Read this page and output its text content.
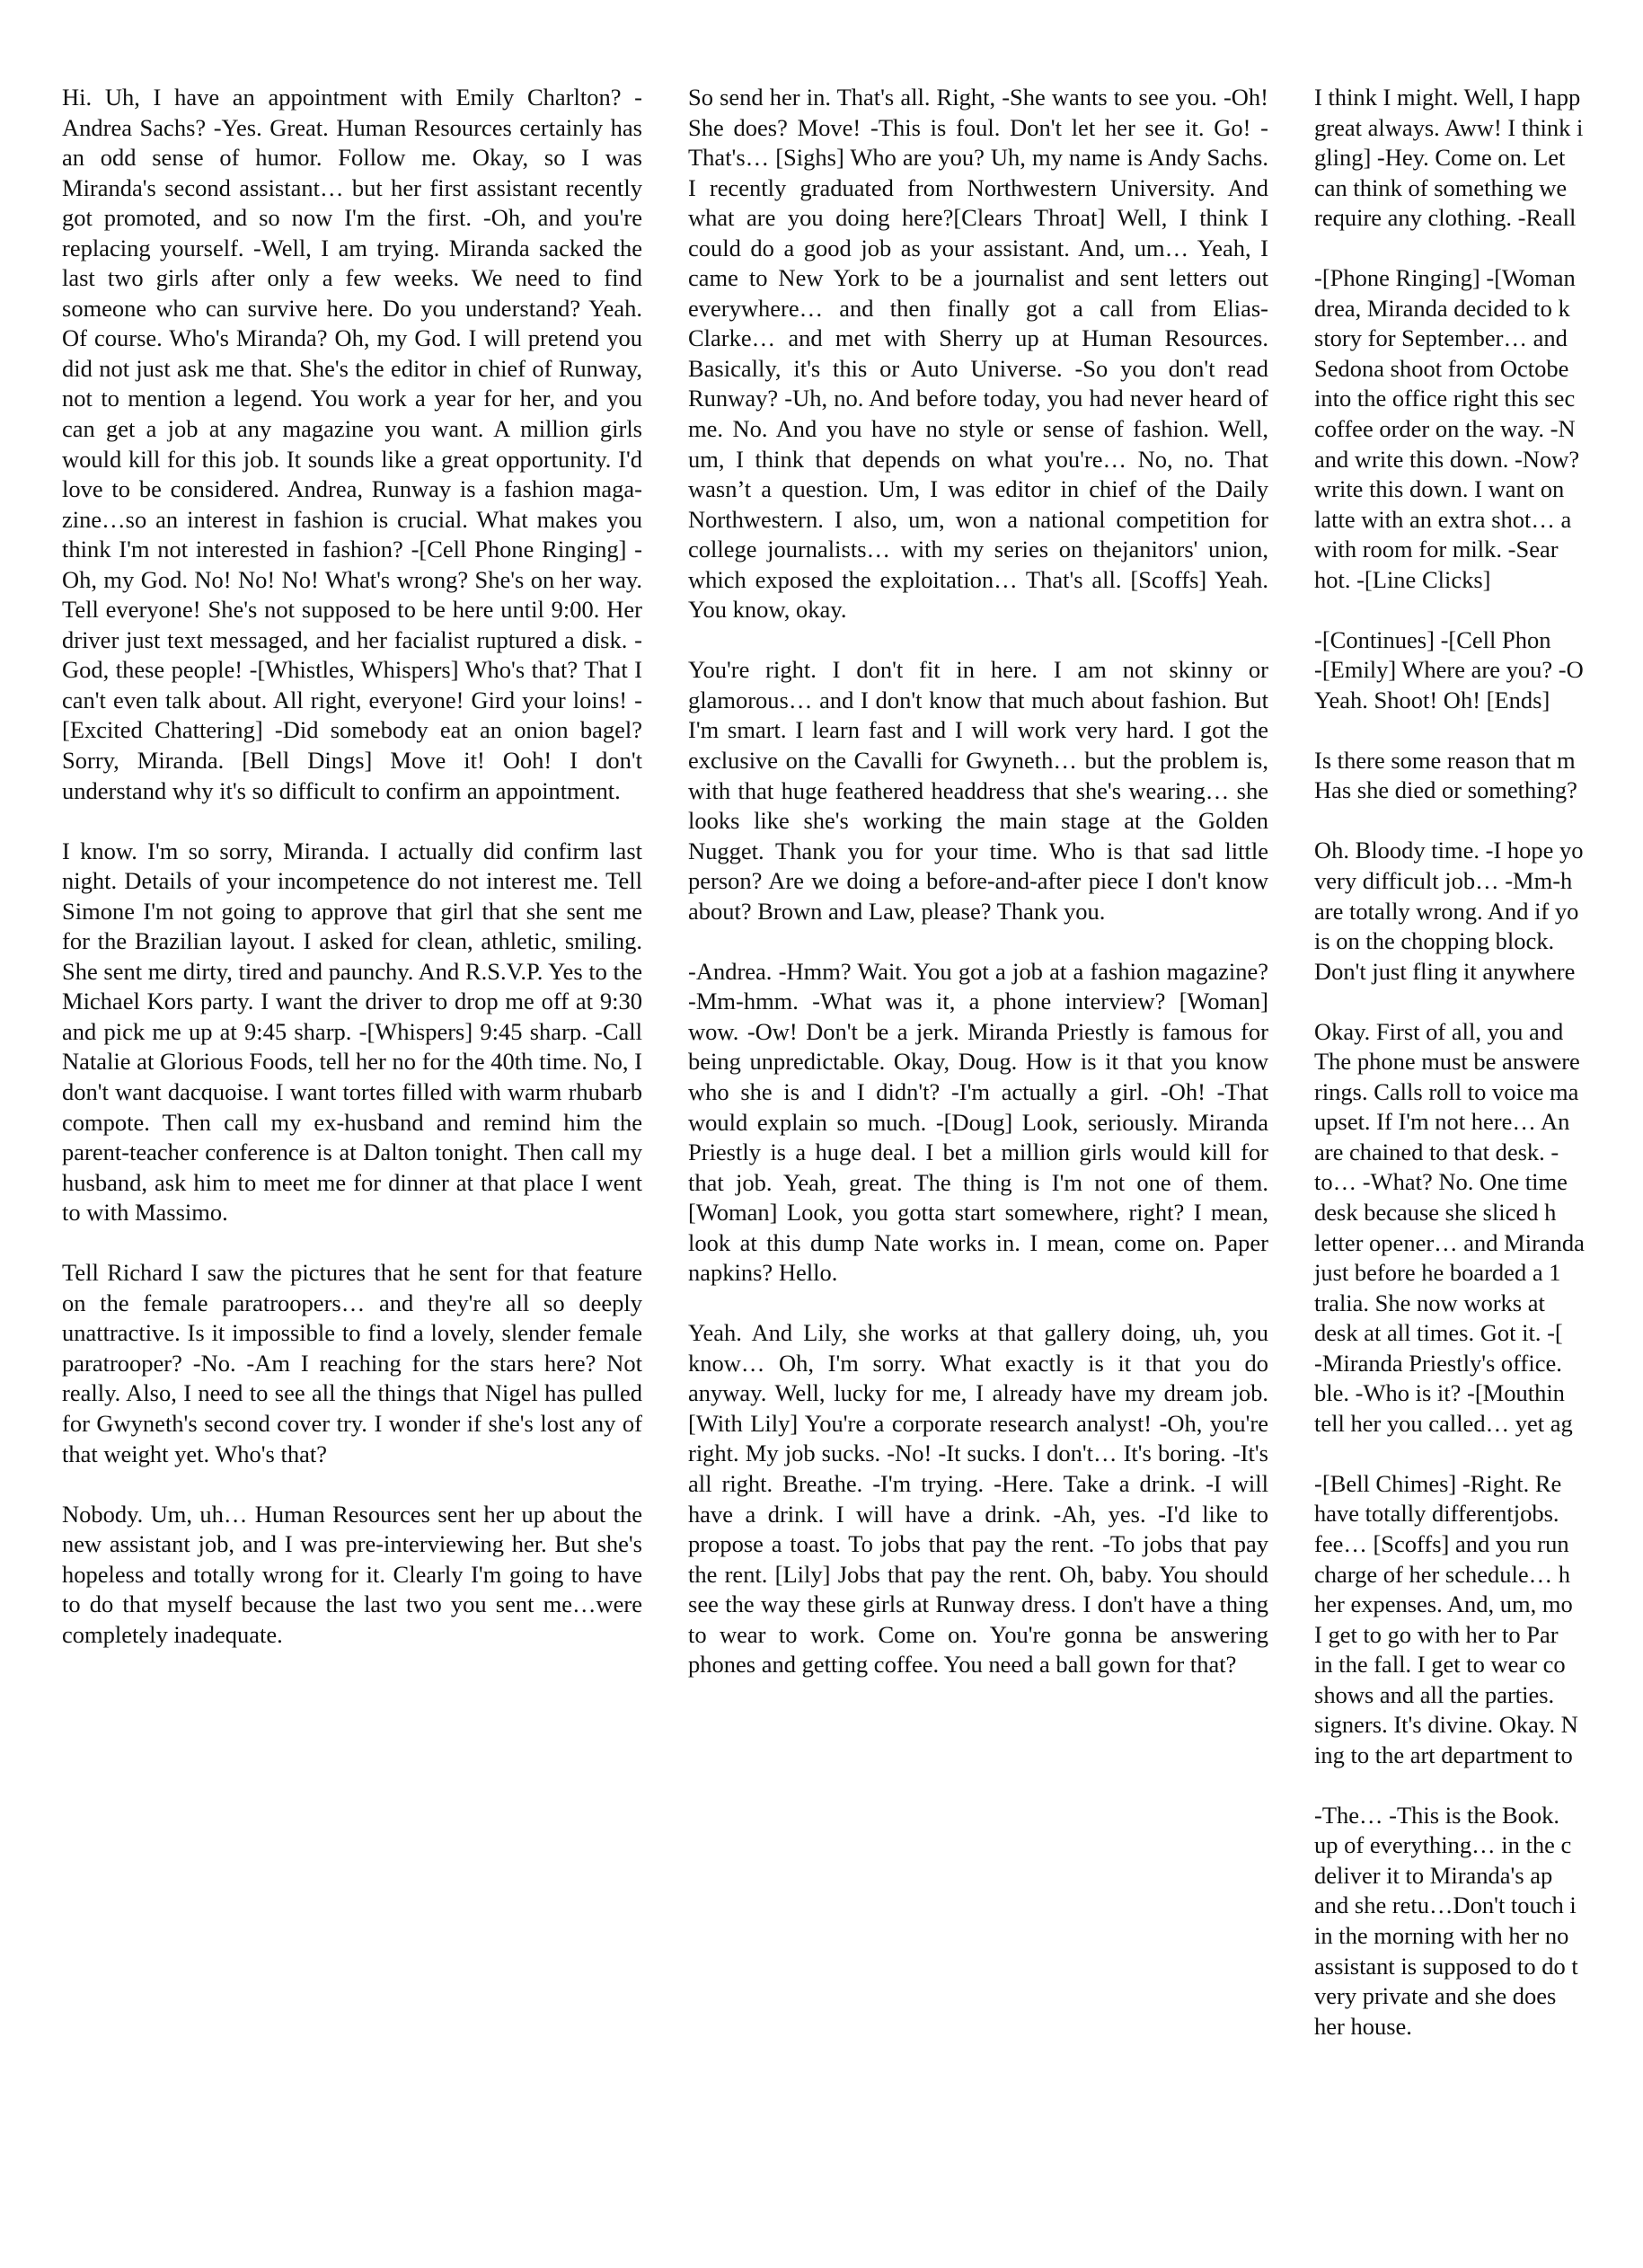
Hi. Uh, I have an appointment with Emily Charlton? -Andrea Sachs? -Yes. Great. Human Resources certainly has an odd sense of humor. Follow me. Okay, so I was Miranda's second assistant… but her first assistant recently got promoted, and so now I'm the first. -Oh, and you're replacing yourself. -Well, I am trying. Miranda sacked the last two girls after only a few weeks. We need to find someone who can survive here. Do you understand? Yeah. Of course. Who's Miranda? Oh, my God. I will pretend you did not just ask me that. She's the editor in chief of Runway, not to mention a legend. You work a year for her, and you can get a job at any magazine you want. A million girls would kill for this job. It sounds like a great opportunity. I'd love to be considered. Andrea, Runway is a fashion magazine…so an interest in fashion is crucial. What makes you think I'm not interested in fashion? -[Cell Phone Ringing] -Oh, my God. No! No! No! What's wrong? She's on her way. Tell everyone! She's not supposed to be here until 9:00. Her driver just text messaged, and her facialist ruptured a disk. -God, these people! -[Whistles, Whispers] Who's that? That I can't even talk about. All right, everyone! Gird your loins! -[Excited Chattering] -Did somebody eat an onion bagel? Sorry, Miranda. [Bell Dings] Move it! Ooh! I don't understand why it's so difficult to confirm an appointment.

I know. I'm so sorry, Miranda. I actually did confirm last night. Details of your incompetence do not interest me. Tell Simone I'm not going to approve that girl that she sent me for the Brazilian layout. I asked for clean, athletic, smiling. She sent me dirty, tired and paunchy. And R.S.V.P. Yes to the Michael Kors party. I want the driver to drop me off at 9:30 and pick me up at 9:45 sharp. -[Whispers] 9:45 sharp. -Call Natalie at Glorious Foods, tell her no for the 40th time. No, I don't want dacquoise. I want tortes filled with warm rhubarb compote. Then call my ex-husband and remind him the parent-teacher conference is at Dalton tonight. Then call my husband, ask him to meet me for dinner at that place I went to with Massimo.

Tell Richard I saw the pictures that he sent for that feature on the female paratroopers… and they're all so deeply unattractive. Is it impossible to find a lovely, slender female paratrooper? -No. -Am I reaching for the stars here? Not really. Also, I need to see all the things that Nigel has pulled for Gwyneth's second cover try. I wonder if she's lost any of that weight yet. Who's that?

Nobody. Um, uh… Human Resources sent her up about the new assistant job, and I was pre-interviewing her. But she's hopeless and totally wrong for it. Clearly I'm going to have to do that myself because the last two you sent me…were completely inadequate.

So send her in. That's all. Right, -She wants to see you. -Oh! She does? Move! -This is foul. Don't let her see it. Go! -That's… [Sighs] Who are you? Uh, my name is Andy Sachs. I recently graduated from Northwestern University. And what are you doing here?[Clears Throat] Well, I think I could do a good job as your assistant. And, um… Yeah, I came to New York to be a journalist and sent letters out everywhere… and then finally got a call from Elias-Clarke… and met with Sherry up at Human Resources. Basically, it's this or Auto Universe. -So you don't read Runway? -Uh, no. And before today, you had never heard of me. No. And you have no style or sense of fashion. Well, um, I think that depends on what you're… No, no. That wasn’t a question. Um, I was editor in chief of the Daily Northwestern. I also, um, won a national competition for college journalists… with my series on thejanitors' union, which exposed the exploitation… That's all. [Scoffs] Yeah. You know, okay.

You're right. I don't fit in here. I am not skinny or glamorous… and I don't know that much about fashion. But I'm smart. I learn fast and I will work very hard. I got the exclusive on the Cavalli for Gwyneth… but the problem is, with that huge feathered headdress that she's wearing… she looks like she's working the main stage at the Golden Nugget. Thank you for your time. Who is that sad little person? Are we doing a before-and-after piece I don't know about? Brown and Law, please? Thank you.

-Andrea. -Hmm? Wait. You got a job at a fashion magazine? -Mm-hmm. -What was it, a phone interview? [Woman] wow. -Ow! Don't be a jerk. Miranda Priestly is famous for being unpredictable. Okay, Doug. How is it that you know who she is and I didn't? -I'm actually a girl. -Oh! -That would explain so much. -[Doug] Look, seriously. Miranda Priestly is a huge deal. I bet a million girls would kill for that job. Yeah, great. The thing is I'm not one of them. [Woman] Look, you gotta start somewhere, right? I mean, look at this dump Nate works in. I mean, come on. Paper napkins? Hello.

Yeah. And Lily, she works at that gallery doing, uh, you know… Oh, I'm sorry. What exactly is it that you do anyway. Well, lucky for me, I already have my dream job. [With Lily] You're a corporate research analyst! -Oh, you're right. My job sucks. -No! -It sucks. I don't… It's boring. -It's all right. Breathe. -I'm trying. -Here. Take a drink. -I will have a drink. I will have a drink. -Ah, yes. -I'd like to propose a toast. To jobs that pay the rent. -To jobs that pay the rent. [Lily] Jobs that pay the rent. Oh, baby. You should see the way these girls at Runway dress. I don't have a thing to wear to work. Come on. You're gonna be answering phones and getting coffee. You need a ball gown for that?

I think I might. Well, I happ
great always. Aww! I think i
gling] -Hey. Come on. Let
can think of something we
require any clothing. -Reall

-[Phone Ringing] -[Woman
drea, Miranda decided to k
story for September… and
Sedona shoot from Octobe
into the office right this sec
coffee order on the way. -N
and write this down. -Now?
write this down. I want on
latte with an extra shot… a
with room for milk. -Sear
hot. -[Line Clicks]

-[Continues] -[Cell Phon
-[Emily] Where are you? -O
Yeah. Shoot! Oh! [Ends]

Is there some reason that m
Has she died or something?

Oh. Bloody time. -I hope yo
very difficult job… -Mm-h
are totally wrong. And if yo
is on the chopping block.
Don't just fling it anywhere

Okay. First of all, you and
The phone must be answere
rings. Calls roll to voice ma
upset. If I'm not here… An
are chained to that desk. -
to… -What? No. One time
desk because she sliced h
letter opener… and Miranda
just before he boarded a 1
tralia. She now works at
desk at all times. Got it. -[
-Miranda Priestly's office.
ble. -Who is it? -[Mouthin
tell her you called… yet ag

-[Bell Chimes] -Right. Re
have totally differentjobs.
fee… [Scoffs] and you run
charge of her schedule… h
her expenses. And, um, mo
I get to go with her to Par
in the fall. I get to wear co
shows and all the parties.
signers. It's divine. Okay. N
ing to the art department to

-The… -This is the Book.
up of everything… in the c
deliver it to Miranda's ap
and she retu…Don't touch i
in the morning with her no
assistant is supposed to do t
very private and she does
her house.
